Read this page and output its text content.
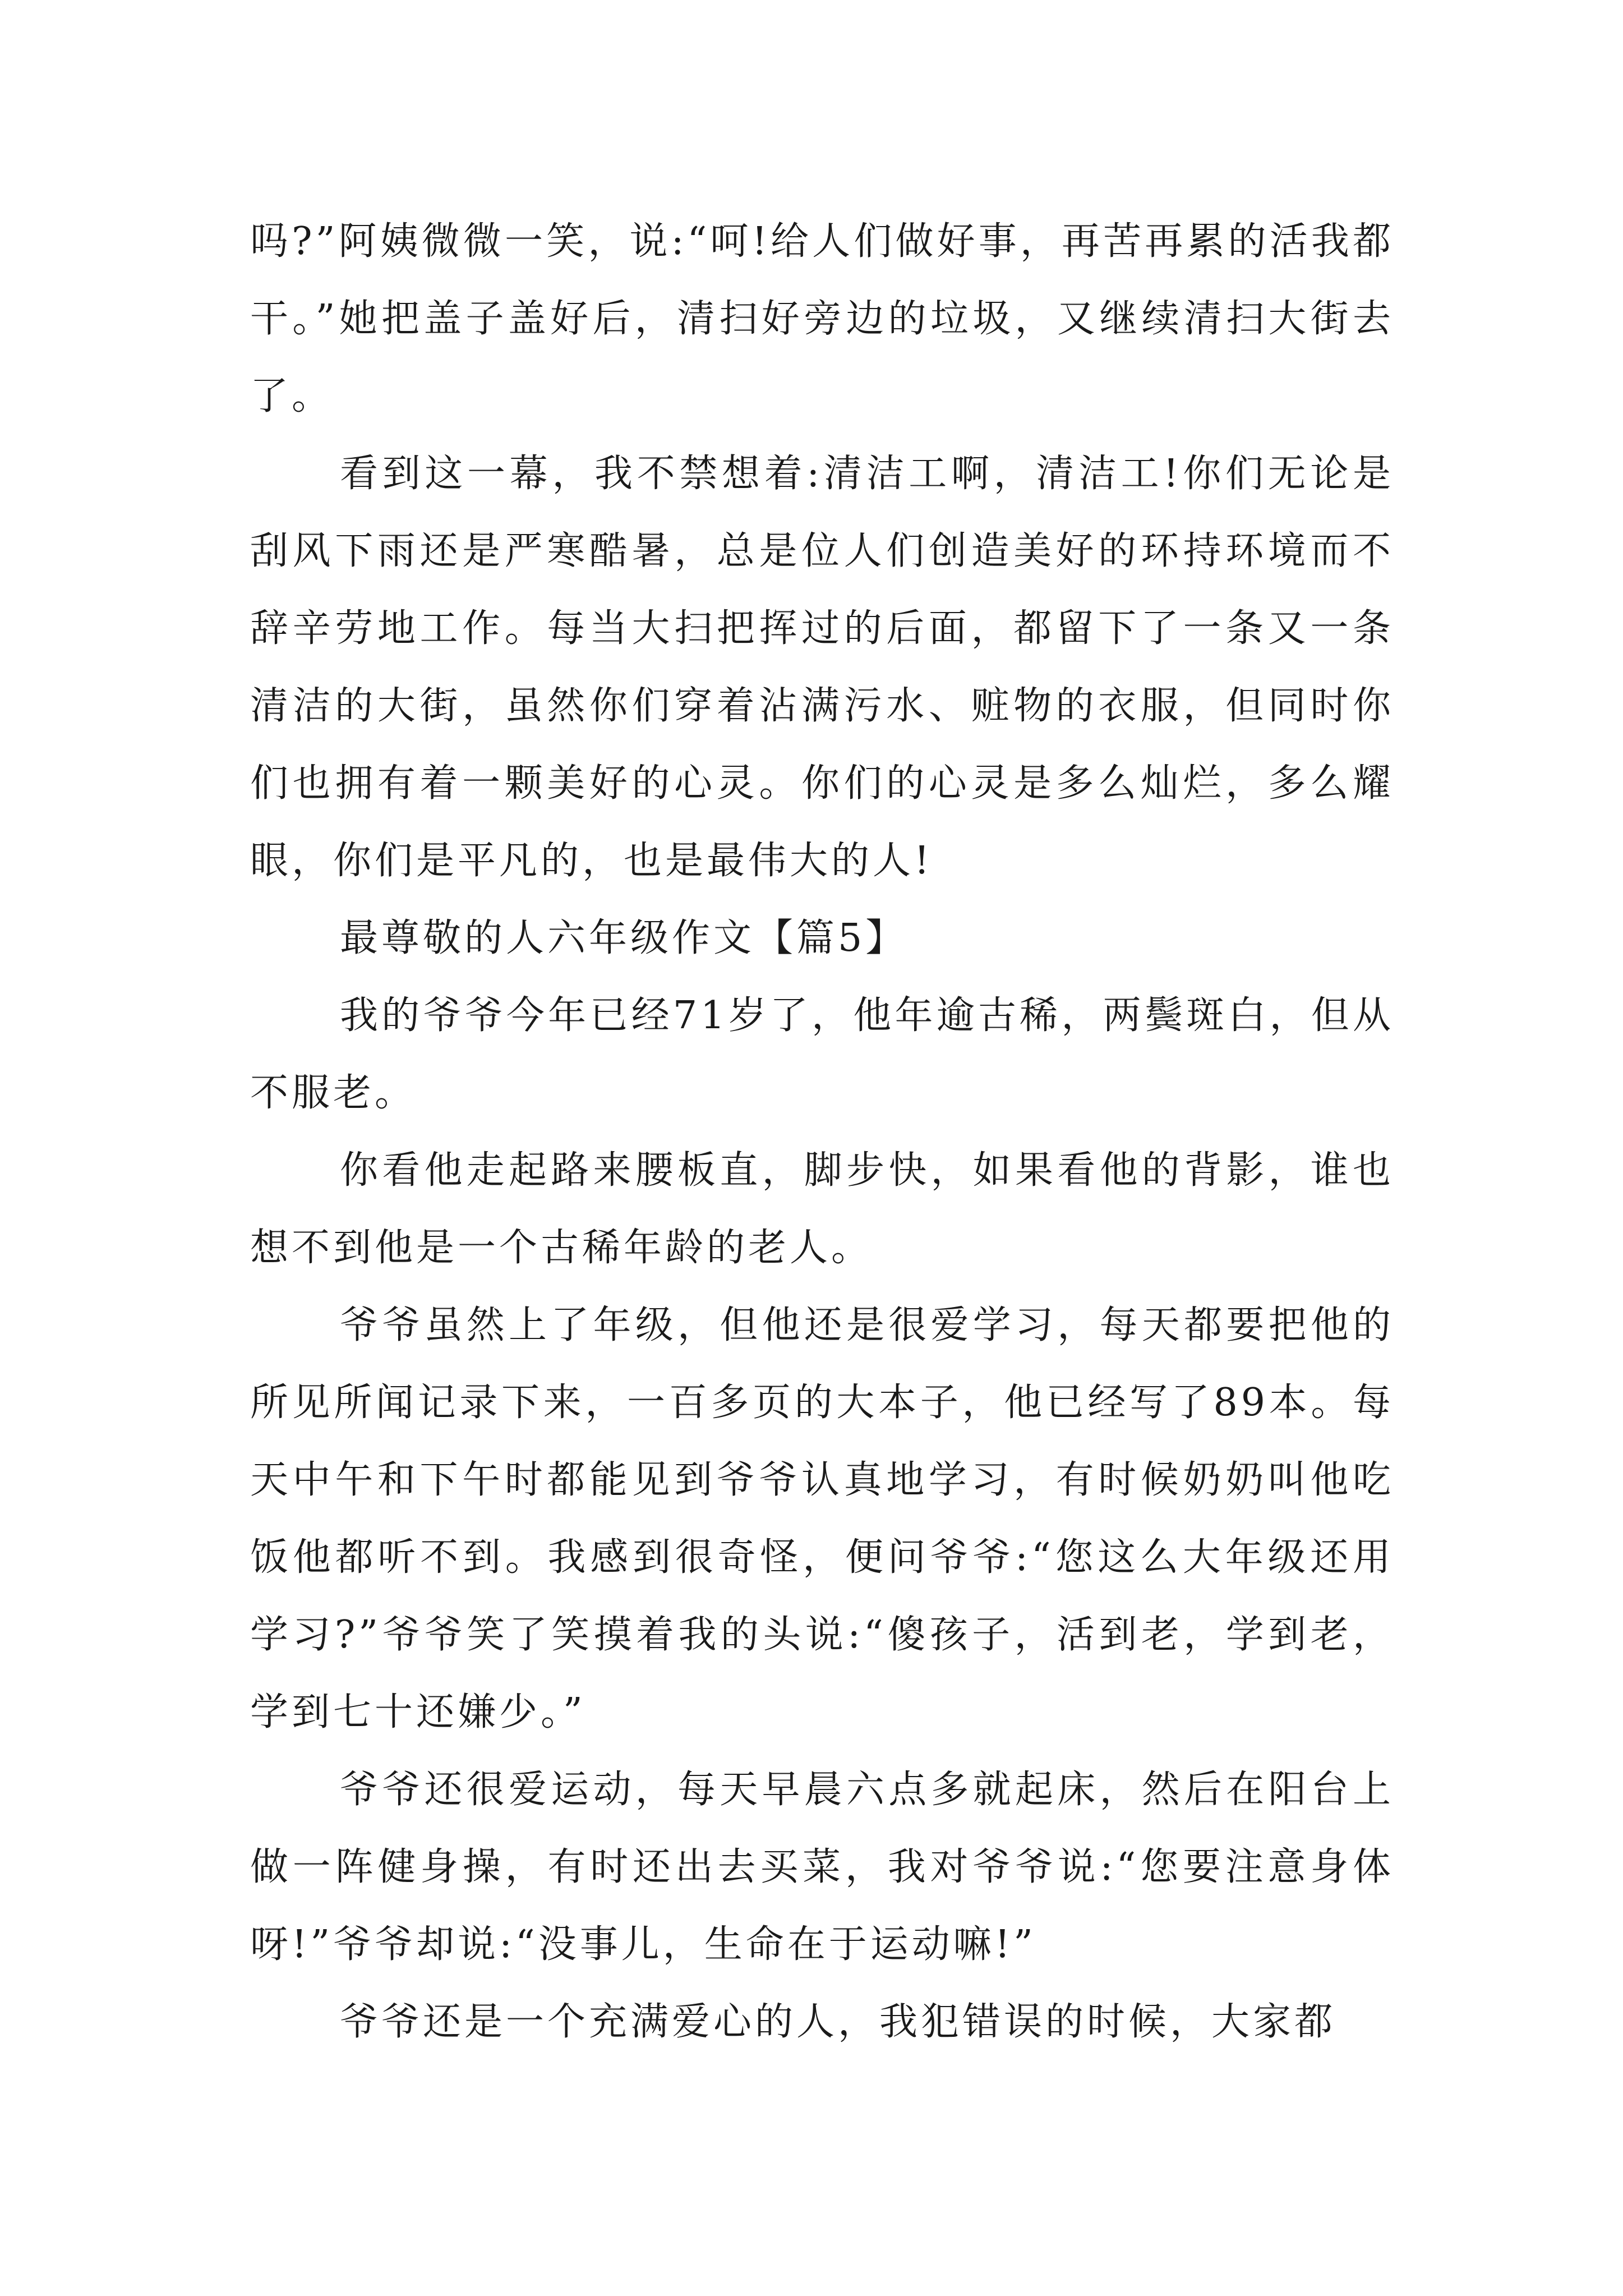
吗?”阿姨微微一笑，说:“呵!给人们做好事，再苦再累的活我都干。”她把盖子盖好后，清扫好旁边的垃圾，又继续清扫大街去了。

看到这一幕，我不禁想着:清洁工啊，清洁工!你们无论是刮风下雨还是严寒酷暑，总是位人们创造美好的环持环境而不辞辛劳地工作。每当大扫把挥过的后面，都留下了一条又一条清洁的大街，虽然你们穿着沾满污水、赃物的衣服，但同时你们也拥有着一颗美好的心灵。你们的心灵是多么灿烂，多么耀眼，你们是平凡的，也是最伟大的人!

最尊敬的人六年级作文【篇5】

我的爷爷今年已经71岁了，他年逾古稀，两鬓斑白，但从不服老。

你看他走起路来腰板直，脚步快，如果看他的背影，谁也想不到他是一个古稀年龄的老人。

爷爷虽然上了年级，但他还是很爱学习，每天都要把他的所见所闻记录下来，一百多页的大本子，他已经写了89本。每天中午和下午时都能见到爷爷认真地学习，有时候奶奶叫他吃饭他都听不到。我感到很奇怪，便问爷爷:“您这么大年级还用学习?”爷爷笑了笑摸着我的头说:“傻孩子，活到老，学到老，学到七十还嫌少。”

爷爷还很爱运动，每天早晨六点多就起床，然后在阳台上做一阵健身操，有时还出去买菜，我对爷爷说:“您要注意身体呀!”爷爷却说:“没事儿，生命在于运动嘛!”

爷爷还是一个充满爱心的人，我犯错误的时候，大家都
